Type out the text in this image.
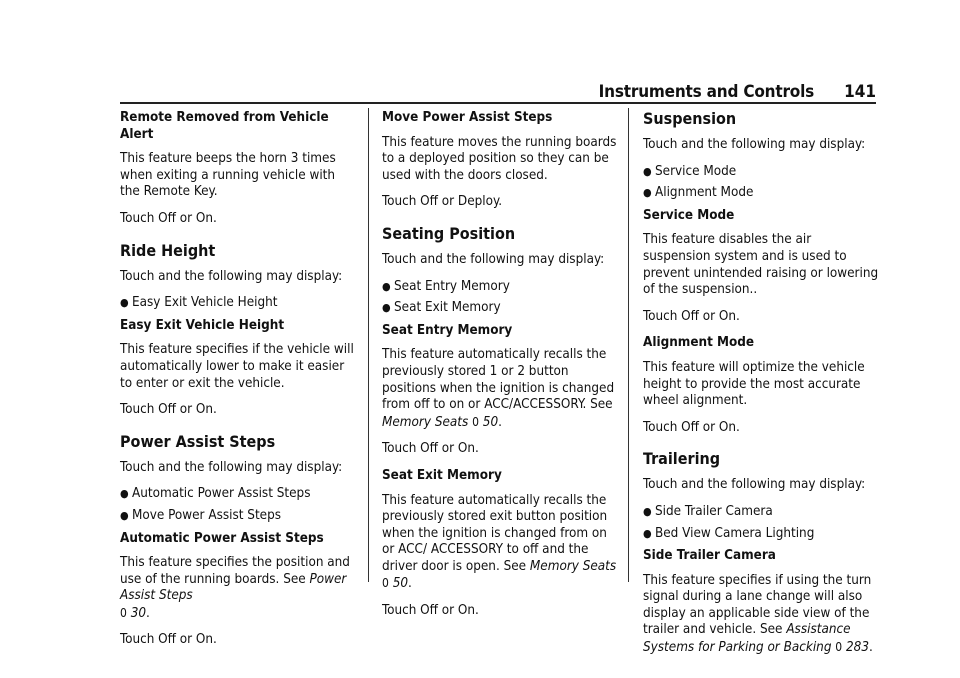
Instruments and Controls 141

Remote Removed from Vehicle Alert

This feature beeps the horn 3 times when exiting a running vehicle with the Remote Key.

Touch Off or On.

Ride Height

Touch and the following may display:

● Easy Exit Vehicle Height

Easy Exit Vehicle Height

This feature specifies if the vehicle will automatically lower to make it easier to enter or exit the vehicle.

Touch Off or On.

Power Assist Steps

Touch and the following may display:

● Automatic Power Assist Steps
● Move Power Assist Steps

Automatic Power Assist Steps

This feature specifies the position and use of the running boards. See Power Assist Steps
0 30.

Touch Off or On.

Move Power Assist Steps

This feature moves the running boards to a deployed position so they can be used with the doors closed.

Touch Off or Deploy.

Seating Position

Touch and the following may display:

● Seat Entry Memory
● Seat Exit Memory

Seat Entry Memory

This feature automatically recalls the previously stored 1 or 2 button positions when the ignition is changed from off to on or ACC/ACCESSORY. See Memory Seats 0 50.

Touch Off or On.

Seat Exit Memory

This feature automatically recalls the previously stored exit button position when the ignition is changed from on or ACC/ ACCESSORY to off and the driver door is open. See Memory Seats 0 50.

Touch Off or On.

Suspension

Touch and the following may display:

● Service Mode
● Alignment Mode

Service Mode

This feature disables the air suspension system and is used to prevent unintended raising or lowering of the suspension..

Touch Off or On.

Alignment Mode

This feature will optimize the vehicle height to provide the most accurate wheel alignment.

Touch Off or On.

Trailering

Touch and the following may display:

● Side Trailer Camera
● Bed View Camera Lighting

Side Trailer Camera

This feature specifies if using the turn signal during a lane change will also display an applicable side view of the trailer and vehicle. See Assistance Systems for Parking or Backing 0 283.
